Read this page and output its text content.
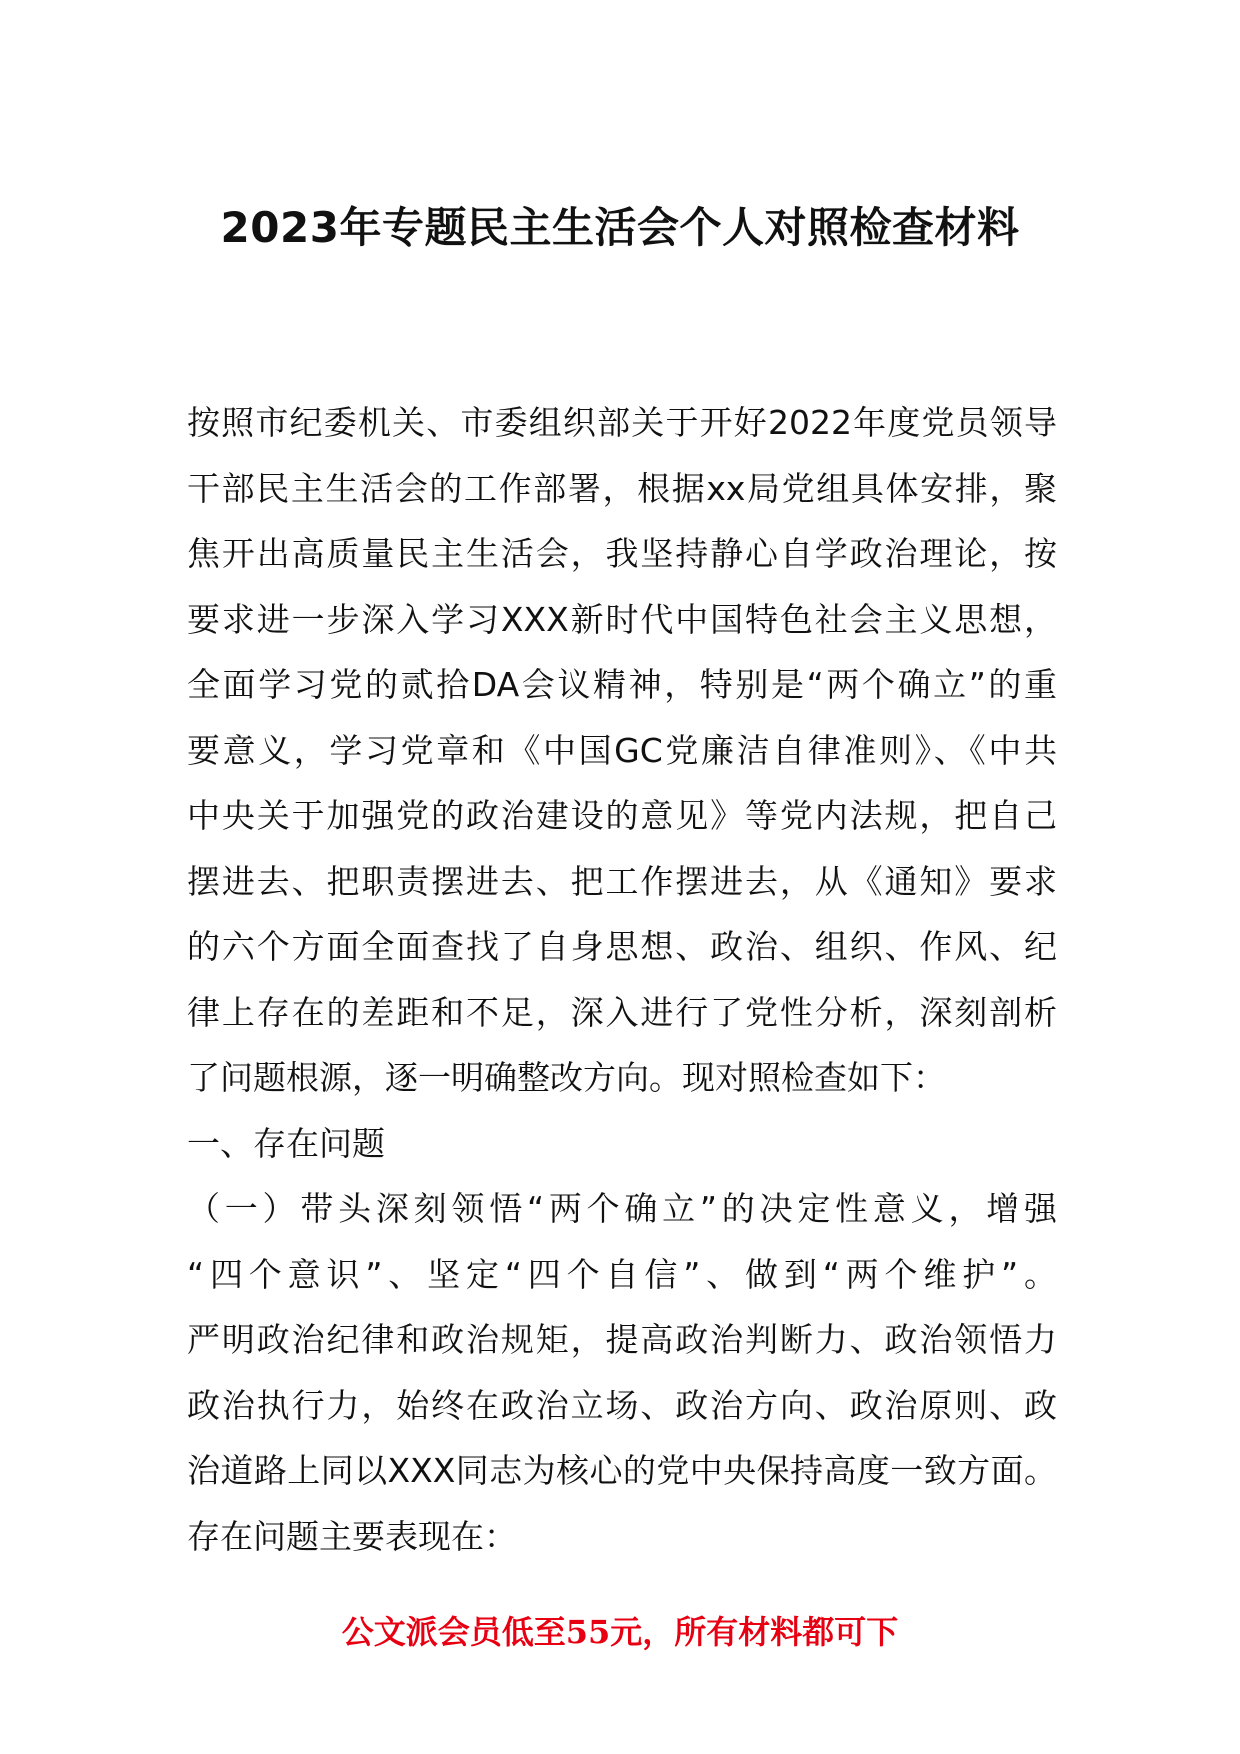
2023年专题民主生活会个人对照检查材料
按照市纪委机关、市委组织部关于开好2022年度党员领导
干部民主生活会的工作部署，根据xx局党组具体安排，聚
焦开出高质量民主生活会，我坚持静心自学政治理论，按
要求进一步深入学习XXX新时代中国特色社会主义思想，
全面学习党的贰拾DA会议精神，特别是“两个确立”的重
要意义，学习党章和《中国GC党廉洁自律准则》、《中共
中央关于加强党的政治建设的意见》等党内法规，把自己
摆进去、把职责摆进去、把工作摆进去，从《通知》要求
的六个方面全面查找了自身思想、政治、组织、作风、纪
律上存在的差距和不足，深入进行了党性分析，深刻剖析
了问题根源，逐一明确整改方向。现对照检查如下：
一、存在问题
（一）带头深刻领悟“两个确立”的决定性意义，增强
“四个意识”、坚定“四个自信”、做到“两个维护”。
严明政治纪律和政治规矩，提高政治判断力、政治领悟力
政治执行力，始终在政治立场、政治方向、政治原则、政
治道路上同以XXX同志为核心的党中央保持高度一致方面。
存在问题主要表现在：
公文派会员低至55元，所有材料都可下
